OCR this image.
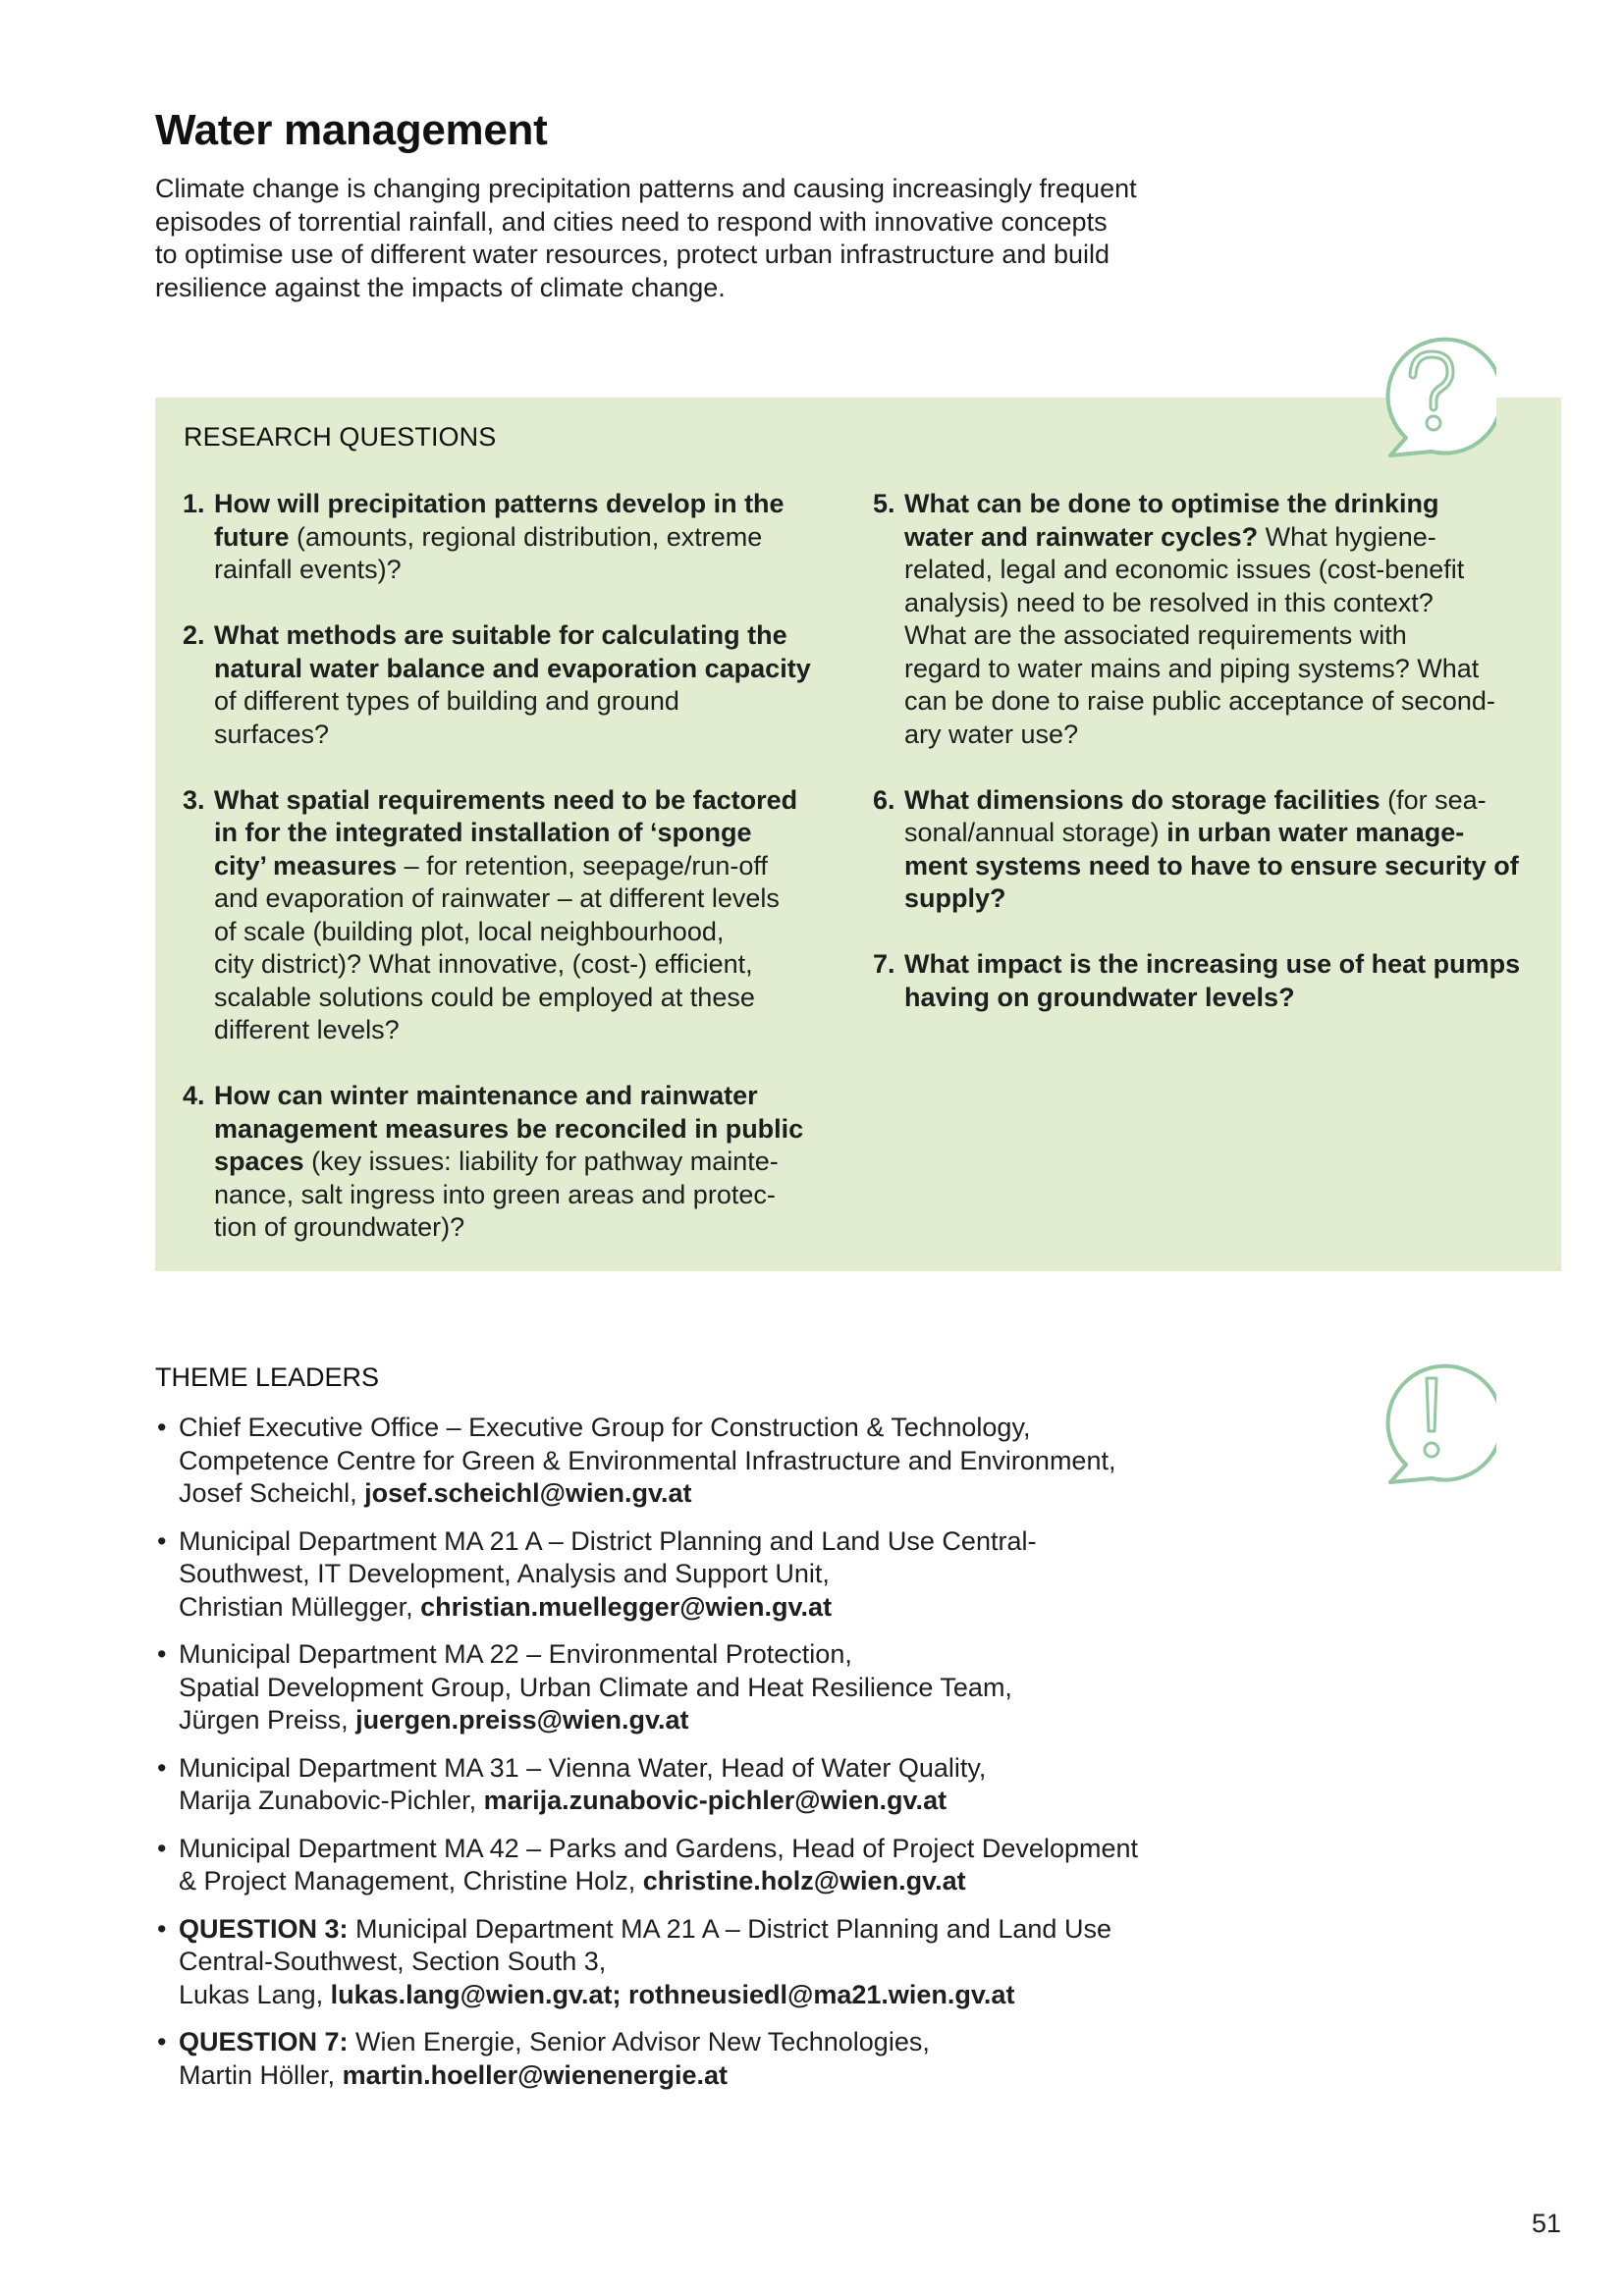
Water management

Climate change is changing precipitation patterns and causing increasingly frequent
episodes of torrential rainfall, and cities need to respond with innovative concepts
to optimise use of different water resources, protect urban infrastructure and build
resilience against the impacts of climate change.

RESEARCH QUESTIONS
1. How will precipitation patterns develop in the
future (amounts, regional distribution, extreme
rainfall events)?
2. What methods are suitable for calculating the
natural water balance and evaporation capacity
of different types of building and ground
surfaces?
3. What spatial requirements need to be factored
in for the integrated installation of ‘sponge
city’ measures – for retention, seepage/run-off
and evaporation of rainwater – at different levels
of scale (building plot, local neighbourhood,
city district)? What innovative, (cost-) efficient,
scalable solutions could be employed at these
different levels?
4. How can winter maintenance and rainwater
management measures be reconciled in public
spaces (key issues: liability for pathway mainte-
nance, salt ingress into green areas and protec-
tion of groundwater)?
5. What can be done to optimise the drinking
water and rainwater cycles? What hygiene-
related, legal and economic issues (cost-benefit
analysis) need to be resolved in this context?
What are the associated requirements with
regard to water mains and piping systems? What
can be done to raise public acceptance of second-
ary water use?
6. What dimensions do storage facilities (for sea-
sonal/annual storage) in urban water manage-
ment systems need to have to ensure security of
supply?
7. What impact is the increasing use of heat pumps
having on groundwater levels?
THEME LEADERS
• Chief Executive Office – Executive Group for Construction & Technology,
Competence Centre for Green & Environmental Infrastructure and Environment,
Josef Scheichl, josef.scheichl@wien.gv.at
• Municipal Department MA 21 A – District Planning and Land Use Central-
Southwest, IT Development, Analysis and Support Unit,
Christian Müllegger, christian.muellegger@wien.gv.at
• Municipal Department MA 22 – Environmental Protection,
Spatial Development Group, Urban Climate and Heat Resilience Team,
Jürgen Preiss, juergen.preiss@wien.gv.at
• Municipal Department MA 31 – Vienna Water, Head of Water Quality,
Marija Zunabovic-Pichler, marija.zunabovic-pichler@wien.gv.at
• Municipal Department MA 42 – Parks and Gardens, Head of Project Development
& Project Management, Christine Holz, christine.holz@wien.gv.at
• QUESTION 3: Municipal Department MA 21 A – District Planning and Land Use
Central-Southwest, Section South 3,
Lukas Lang, lukas.lang@wien.gv.at; rothneusiedl@ma21.wien.gv.at
• QUESTION 7: Wien Energie, Senior Advisor New Technologies,
Martin Höller, martin.hoeller@wienenergie.at

51
